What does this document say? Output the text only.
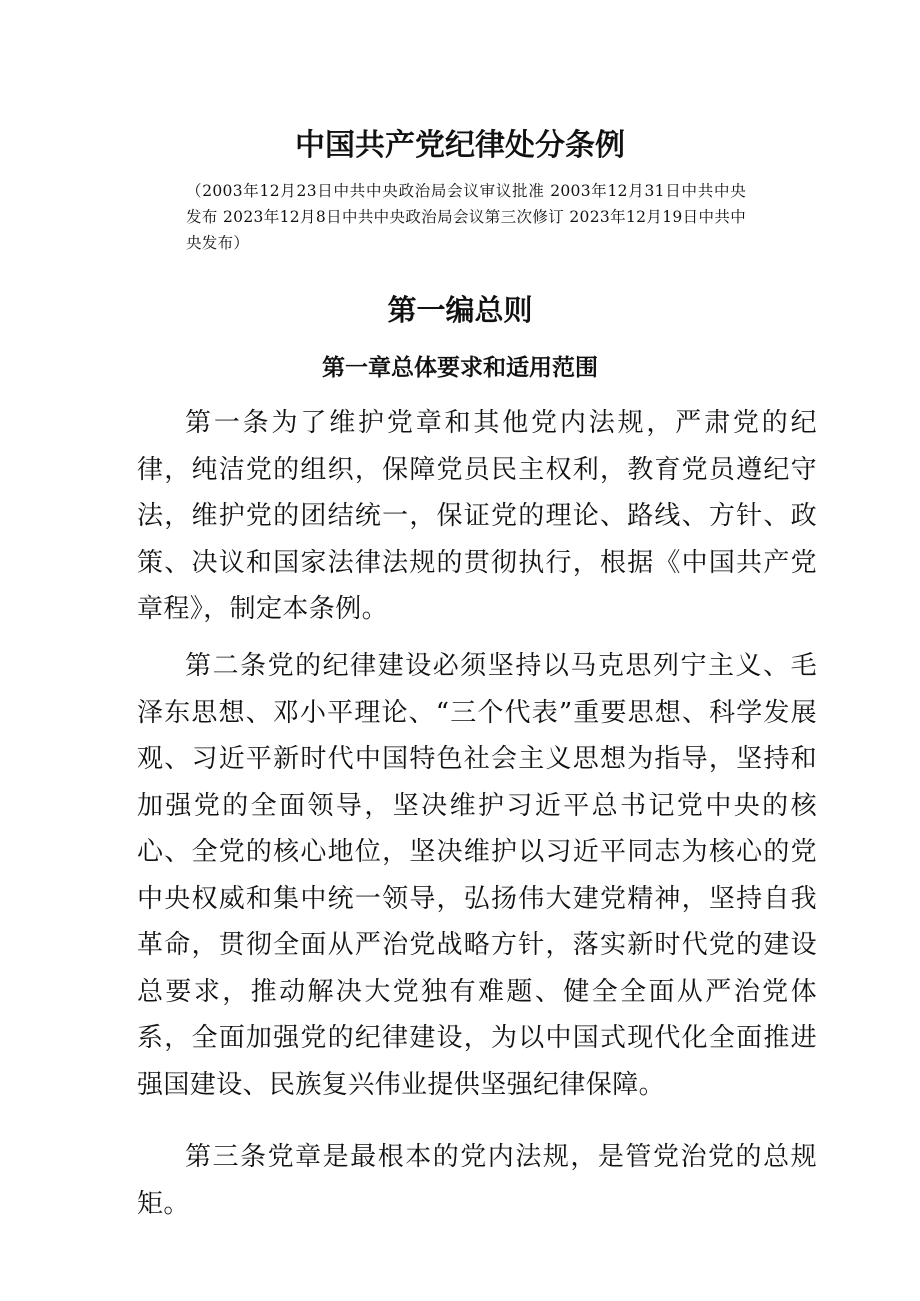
中国共产党纪律处分条例

（2003年12月23日中共中央政治局会议审议批准 2003年12月31日中共中央发布 2023年12月8日中共中央政治局会议第三次修订 2023年12月19日中共中央发布）

第一编总则
第一章总体要求和适用范围

第一条为了维护党章和其他党内法规，严肃党的纪律，纯洁党的组织，保障党员民主权利，教育党员遵纪守法，维护党的团结统一，保证党的理论、路线、方针、政策、决议和国家法律法规的贯彻执行，根据《中国共产党章程》，制定本条例。

第二条党的纪律建设必须坚持以马克思列宁主义、毛泽东思想、邓小平理论、“三个代表”重要思想、科学发展观、习近平新时代中国特色社会主义思想为指导，坚持和加强党的全面领导，坚决维护习近平总书记党中央的核心、全党的核心地位，坚决维护以习近平同志为核心的党中央权威和集中统一领导，弘扬伟大建党精神，坚持自我革命，贯彻全面从严治党战略方针，落实新时代党的建设总要求，推动解决大党独有难题、健全全面从严治党体系，全面加强党的纪律建设，为以中国式现代化全面推进强国建设、民族复兴伟业提供坚强纪律保障。

第三条党章是最根本的党内法规，是管党治党的总规矩。
